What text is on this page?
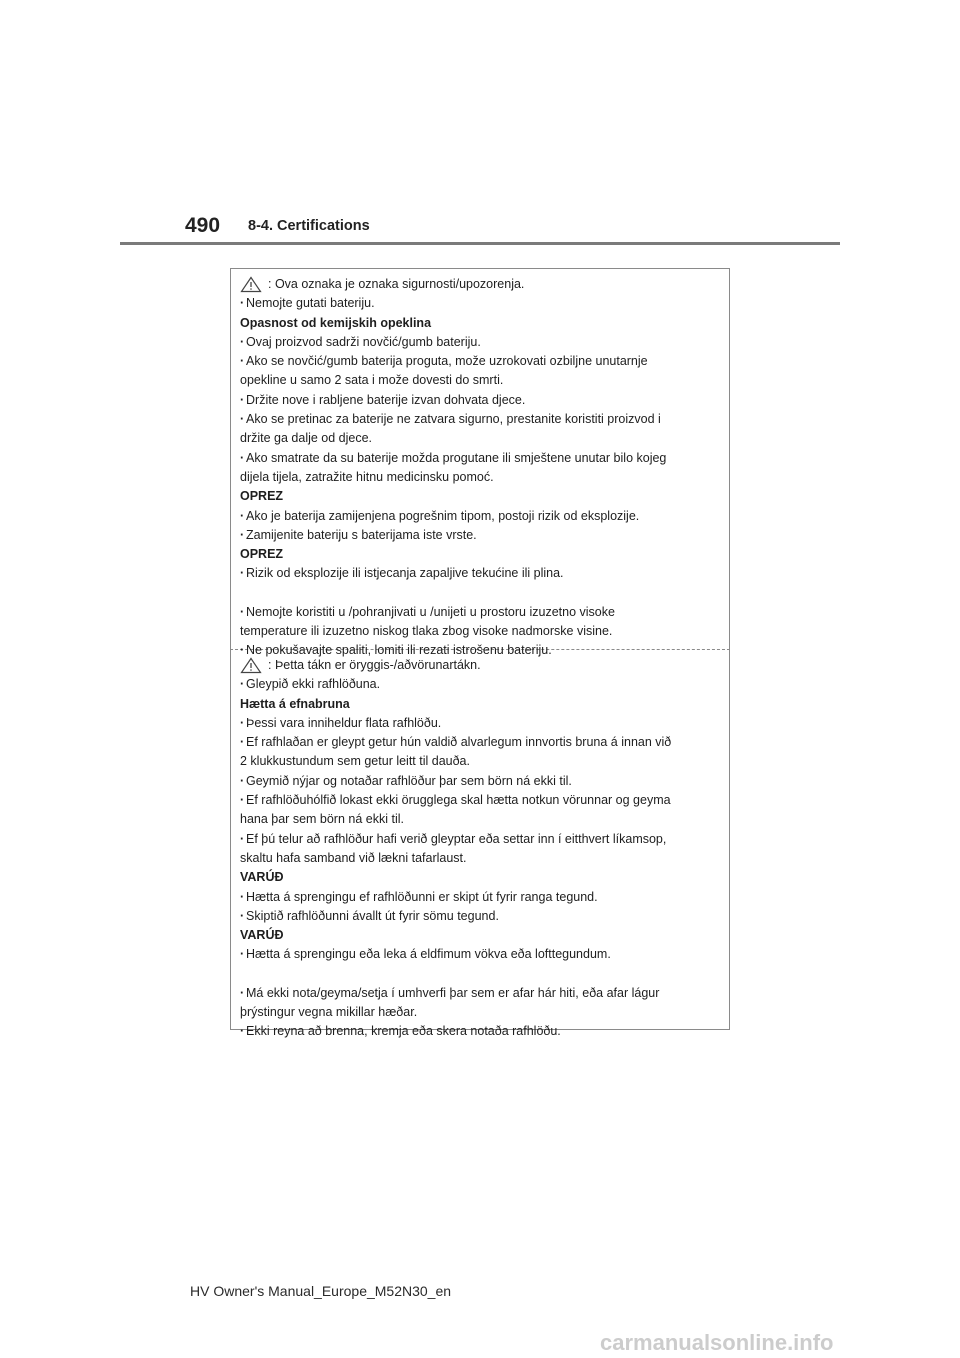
490 8-4. Certifications
: Ova oznaka je oznaka sigurnosti/upozorenja.
· Nemojte gutati bateriju.
Opasnost od kemijskih opeklina
· Ovaj proizvod sadrži novčić/gumb bateriju.
· Ako se novčić/gumb baterija proguta, može uzrokovati ozbiljne unutarnje
opekline u samo 2 sata i može dovesti do smrti.
· Držite nove i rabljene baterije izvan dohvata djece.
· Ako se pretinac za baterije ne zatvara sigurno, prestanite koristiti proizvod i
držite ga dalje od djece.
· Ako smatrate da su baterije možda progutane ili smještene unutar bilo kojeg
dijela tijela, zatražite hitnu medicinsku pomoć.
OPREZ
· Ako je baterija zamijenjena pogrešnim tipom, postoji rizik od eksplozije.
· Zamijenite bateriju s baterijama iste vrste.
OPREZ
· Rizik od eksplozije ili istjecanja zapaljive tekućine ili plina.
· Nemojte koristiti u /pohranjivati u /unijeti u prostoru izuzetno visoke
temperature ili izuzetno niskog tlaka zbog visoke nadmorske visine.
· Ne pokušavajte spaliti, lomiti ili rezati istrošenu bateriju.
: Þetta tákn er öryggis-/aðvörunartákn.
· Gleypið ekki rafhlöðuna.
Hætta á efnabruna
· Þessi vara inniheldur flata rafhlöðu.
· Ef rafhlaðan er gleypt getur hún valdið alvarlegum innvortis bruna á innan við
2 klukkustundum sem getur leitt til dauða.
· Geymið nýjar og notaðar rafhlöður þar sem börn ná ekki til.
· Ef rafhlöðuhólfið lokast ekki örugglega skal hætta notkun vörunnar og geyma
hana þar sem börn ná ekki til.
· Ef þú telur að rafhlöður hafi verið gleyptar eða settar inn í eitthvert líkamsop,
skaltu hafa samband við lækni tafarlaust.
VARÚÐ
· Hætta á sprengingu ef rafhlöðunni er skipt út fyrir ranga tegund.
· Skiptið rafhlöðunni ávallt út fyrir sömu tegund.
VARÚÐ
· Hætta á sprengingu eða leka á eldfimum vökva eða lofttegundum.
· Má ekki nota/geyma/setja í umhverfi þar sem er afar hár hiti, eða afar lágur
þrýstingur vegna mikillar hæðar.
· Ekki reyna að brenna, kremja eða skera notaða rafhlöðu.
HV Owner's Manual_Europe_M52N30_en
carmanualsonline.info
